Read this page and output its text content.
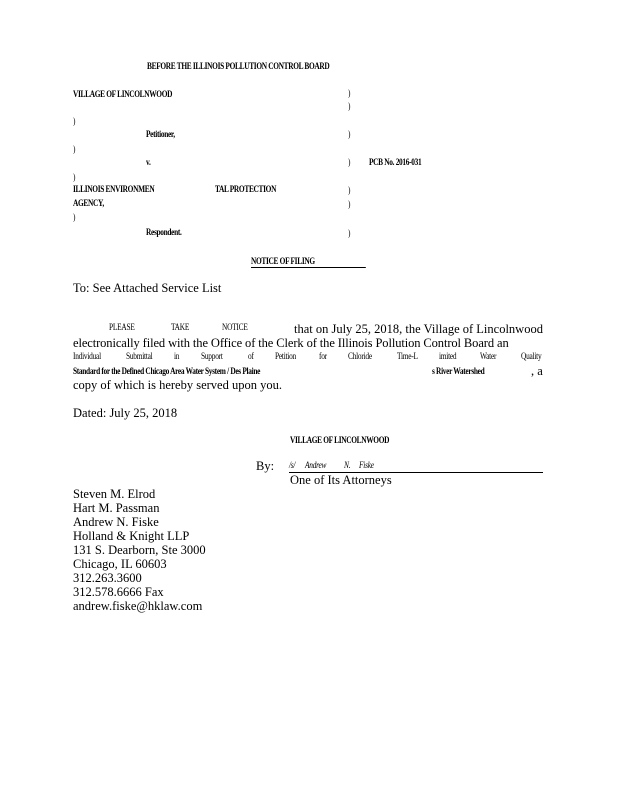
BEFORE THE ILLINOIS POLLUTION CONTROL BOARD
VILLAGE OF LINCOLNWOOD	)
)
)
Petitioner,	)
)
v.	) PCB No. 2016-031
)
ILLINOIS ENVIRONMEN	TAL PROTECTION	)
AGENCY,	)
)
Respondent.	)
NOTICE OF FILING
To: See Attached Service List
PLEASE	TAKE	NOTICE	that on July 25, 2018, the Village of Lincolnwood
electronically filed with the Office of the Clerk of the Illinois Pollution Control Board an
Individual	Submittal in Support	of Petition	for Chloride	Time-L imited	Water	Quality
Standard for the Defined Chicago Area Water System / Des Plaine	s River Watershed	, a
copy of which is hereby served upon you.
Dated: July 25, 2018
VILLAGE OF LINCOLNWOOD
By: /s/ Andrew N. Fiske
One of Its Attorneys
Steven M. Elrod
Hart M. Passman
Andrew N. Fiske
Holland & Knight LLP
131 S. Dearborn, Ste 3000
Chicago, IL 60603
312.263.3600
312.578.6666 Fax
andrew.fiske@hklaw.com
